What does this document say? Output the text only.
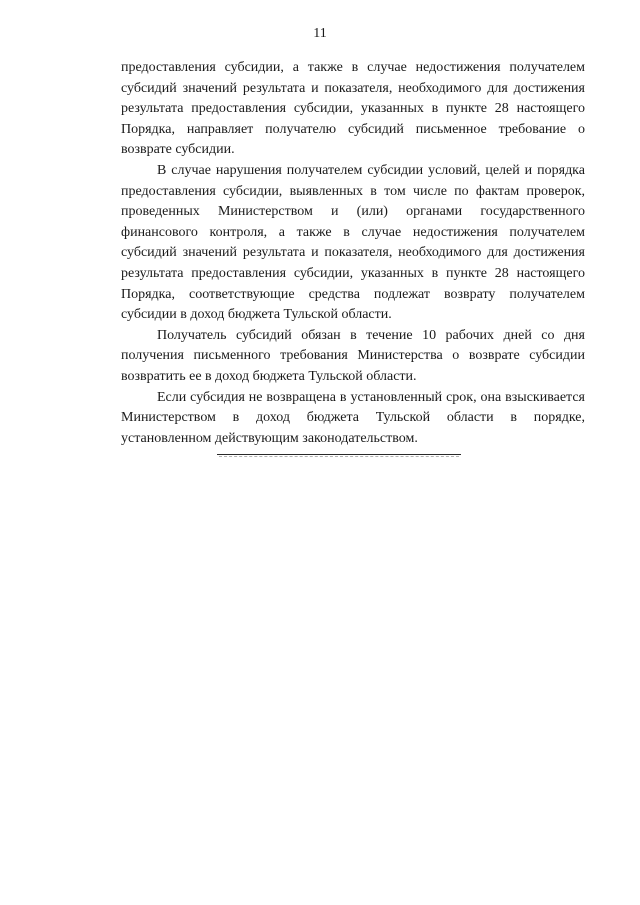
11

предоставления субсидии, а также в случае недостижения получателем субсидий значений результата и показателя, необходимого для достижения результата предоставления субсидии, указанных в пункте 28 настоящего Порядка, направляет получателю субсидий письменное требование о возврате субсидии.

В случае нарушения получателем субсидии условий, целей и порядка предоставления субсидии, выявленных в том числе по фактам проверок, проведенных Министерством и (или) органами государственного финансового контроля, а также в случае недостижения получателем субсидий значений результата и показателя, необходимого для достижения результата предоставления субсидии, указанных в пункте 28 настоящего Порядка, соответствующие средства подлежат возврату получателем субсидии в доход бюджета Тульской области.

Получатель субсидий обязан в течение 10 рабочих дней со дня получения письменного требования Министерства о возврате субсидии возвратить ее в доход бюджета Тульской области.

Если субсидия не возвращена в установленный срок, она взыскивается Министерством в доход бюджета Тульской области в порядке, установленном действующим законодательством.
